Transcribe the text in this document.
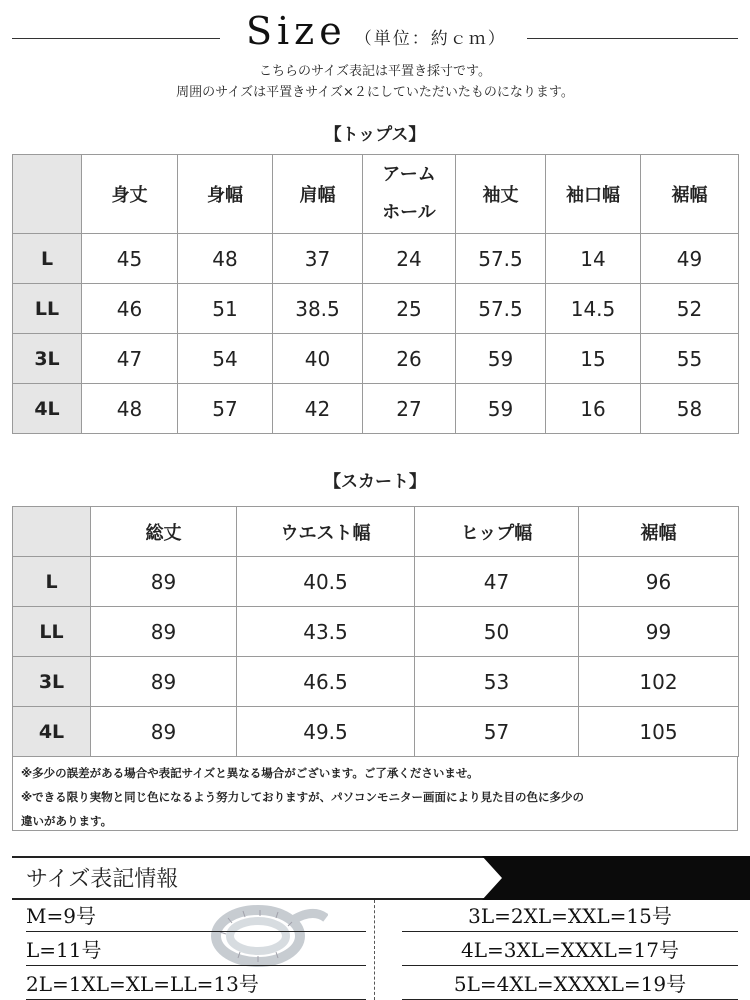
Size （単位：約ｃｍ）
こちらのサイズ表記は平置き採寸です。
周囲のサイズは平置きサイズ×２にしていただいたものになります。
【トップス】
	身丈	身幅	肩幅	アーム
ホール	袖丈	袖口幅	裾幅
L	45	48	37	24	57.5	14	49
LL	46	51	38.5	25	57.5	14.5	52
3L	47	54	40	26	59	15	55
4L	48	57	42	27	59	16	58
【スカート】
	総丈	ウエスト幅	ヒップ幅	裾幅
L	89	40.5	47	96
LL	89	43.5	50	99
3L	89	46.5	53	102
4L	89	49.5	57	105

※多少の誤差がある場合や表記サイズと異なる場合がございます。ご了承くださいませ。

※できる限り実物と同じ色になるよう努力しておりますが、パソコンモニター画面により見た目の色に多少の

違いがあります。

サイズ表記情報
M=9号
L=11号
2L=1XL=XL=LL=13号
3L=2XL=XXL=15号
4L=3XL=XXXL=17号
5L=4XL=XXXXL=19号
